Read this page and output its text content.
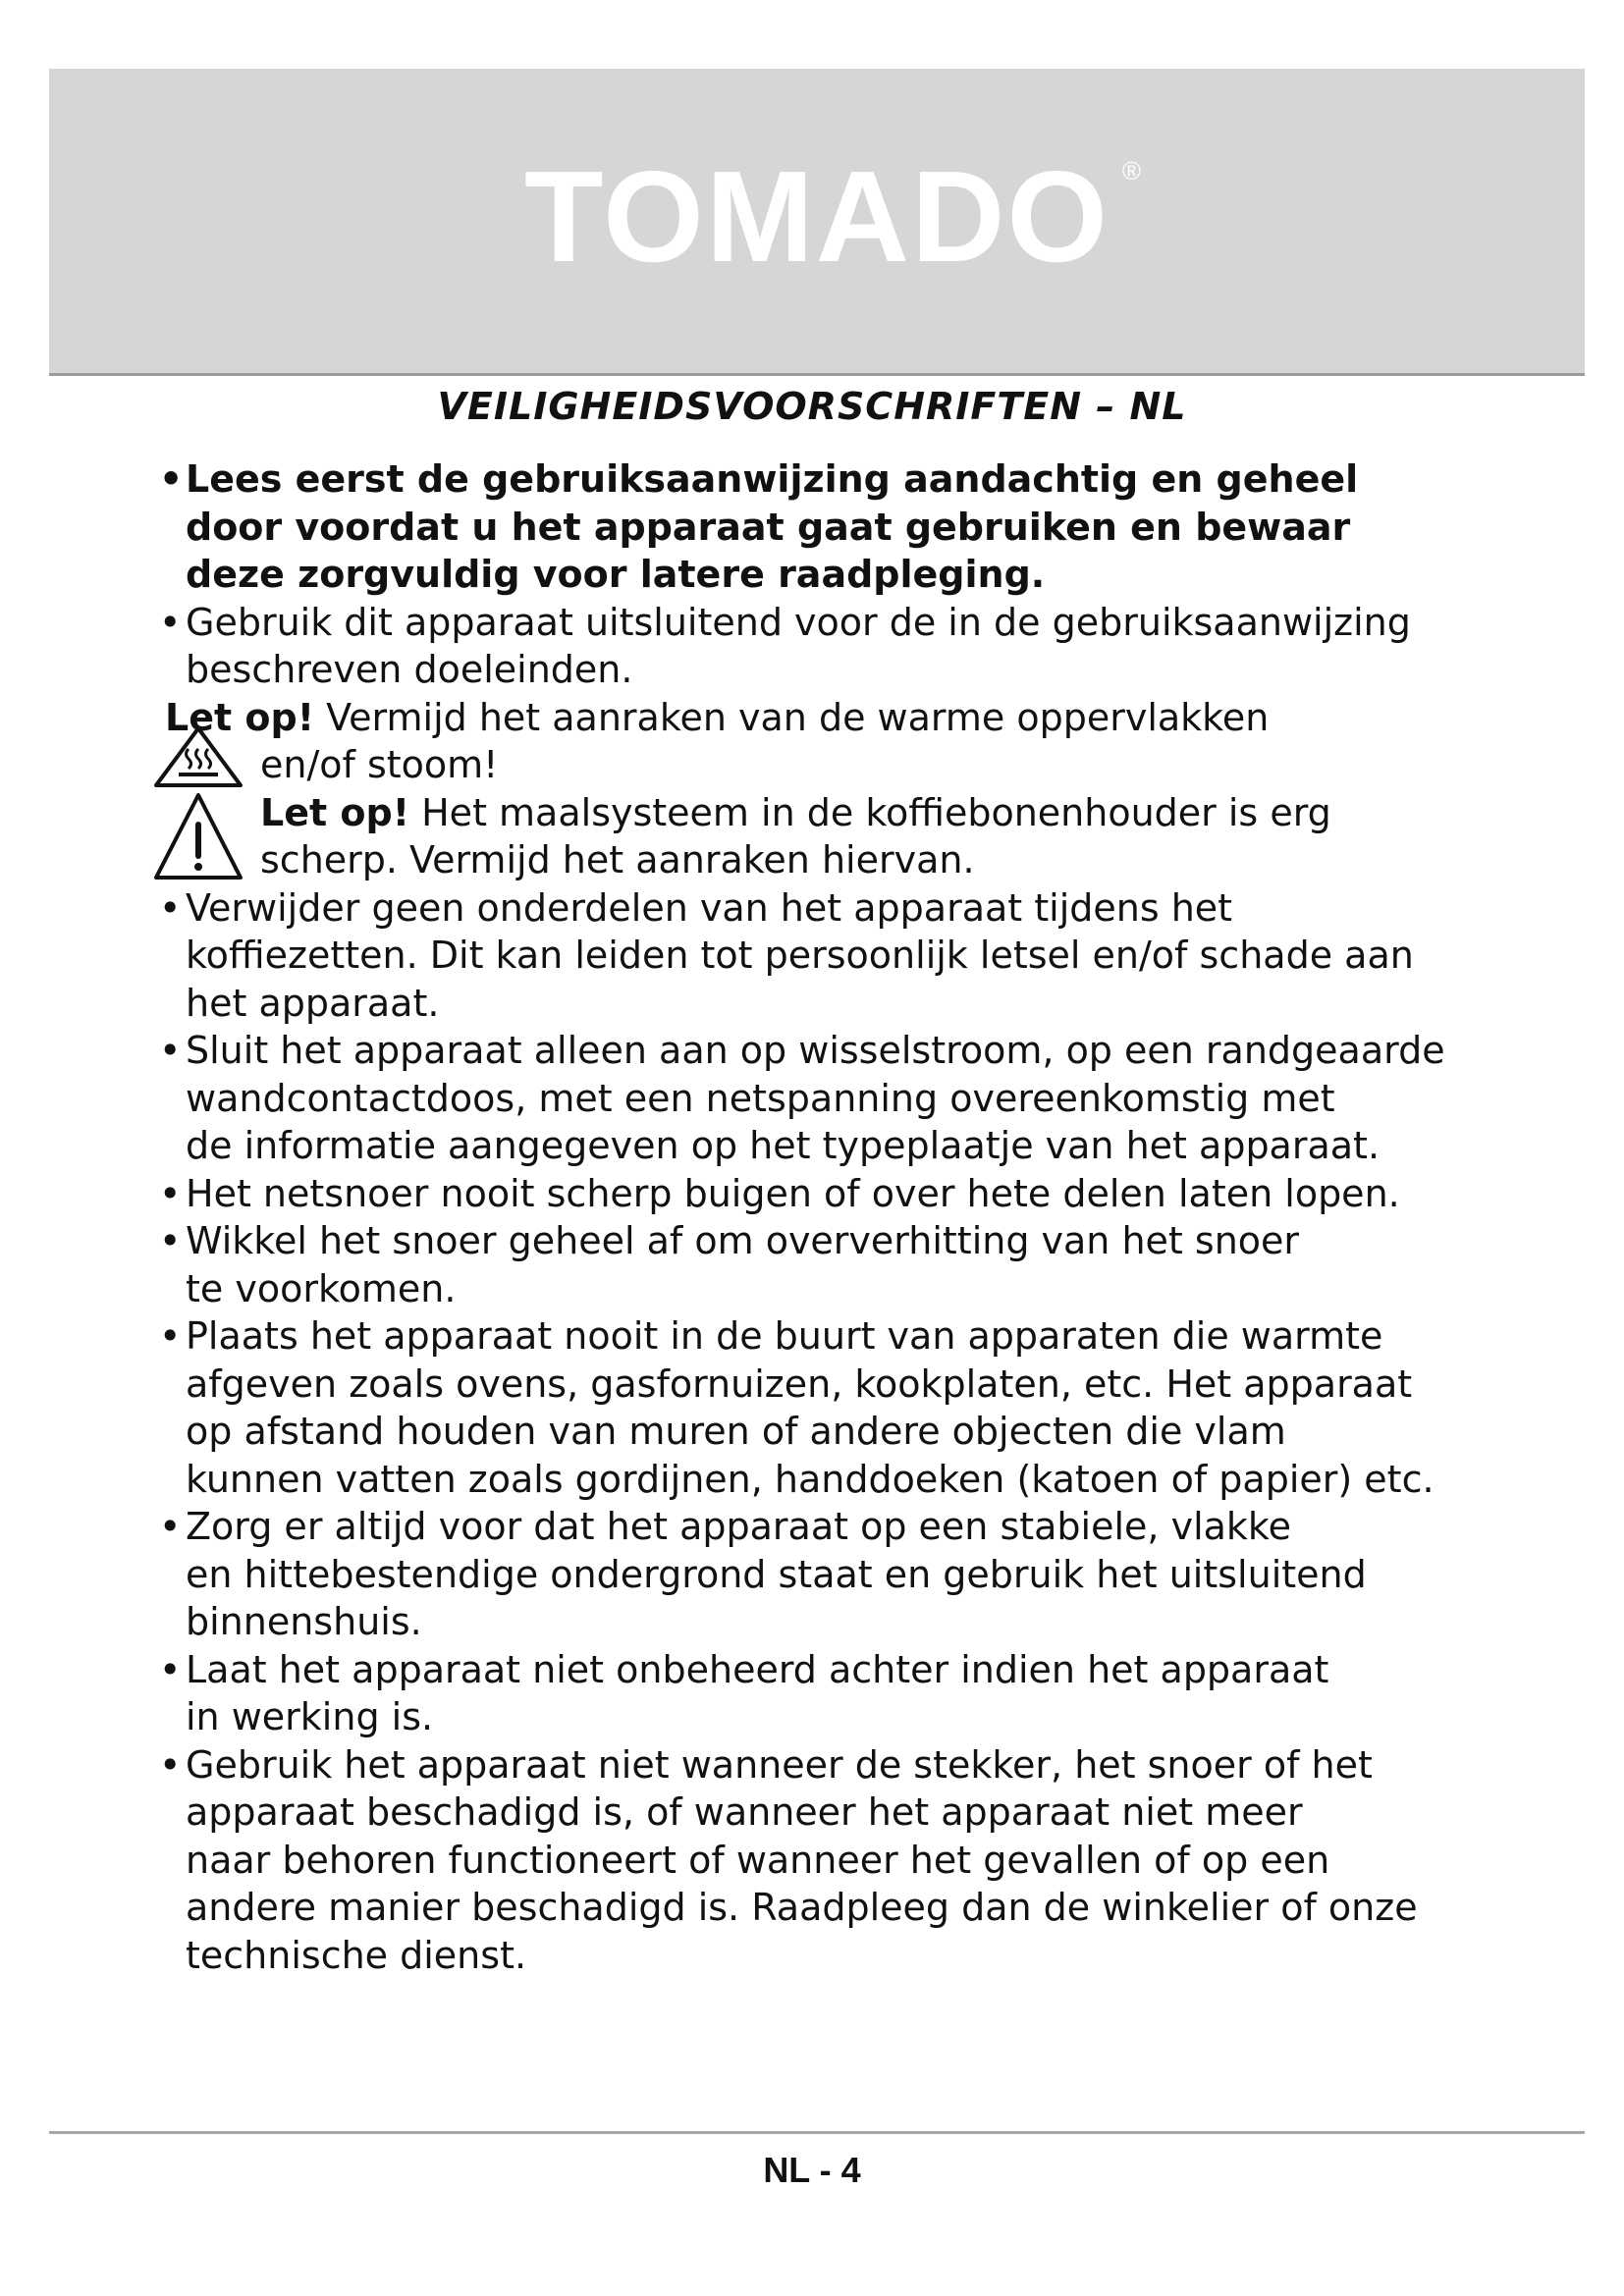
TOMADO ®
VEILIGHEIDSVOORSCHRIFTEN – NL
• Lees eerst de gebruiksaanwijzing aandachtig en geheel
door voordat u het apparaat gaat gebruiken en bewaar
deze zorgvuldig voor latere raadpleging.
• Gebruik dit apparaat uitsluitend voor de in de gebruiksaanwijzing
beschreven doeleinden.
Let op! Vermijd het aanraken van de warme oppervlakken
en/of stoom!
Let op! Het maalsysteem in de koffiebonenhouder is erg
scherp. Vermijd het aanraken hiervan.
• Verwijder geen onderdelen van het apparaat tijdens het
koffiezetten. Dit kan leiden tot persoonlijk letsel en/of schade aan
het apparaat.
• Sluit het apparaat alleen aan op wisselstroom, op een randgeaarde
wandcontactdoos, met een netspanning overeenkomstig met
de informatie aangegeven op het typeplaatje van het apparaat.
• Het netsnoer nooit scherp buigen of over hete delen laten lopen.
• Wikkel het snoer geheel af om oververhitting van het snoer
te voorkomen.
• Plaats het apparaat nooit in de buurt van apparaten die warmte
afgeven zoals ovens, gasfornuizen, kookplaten, etc. Het apparaat
op afstand houden van muren of andere objecten die vlam
kunnen vatten zoals gordijnen, handdoeken (katoen of papier) etc.
• Zorg er altijd voor dat het apparaat op een stabiele, vlakke
en hittebestendige ondergrond staat en gebruik het uitsluitend
binnenshuis.
• Laat het apparaat niet onbeheerd achter indien het apparaat
in werking is.
• Gebruik het apparaat niet wanneer de stekker, het snoer of het
apparaat beschadigd is, of wanneer het apparaat niet meer
naar behoren functioneert of wanneer het gevallen of op een
andere manier beschadigd is. Raadpleeg dan de winkelier of onze
technische dienst.
NL - 4
